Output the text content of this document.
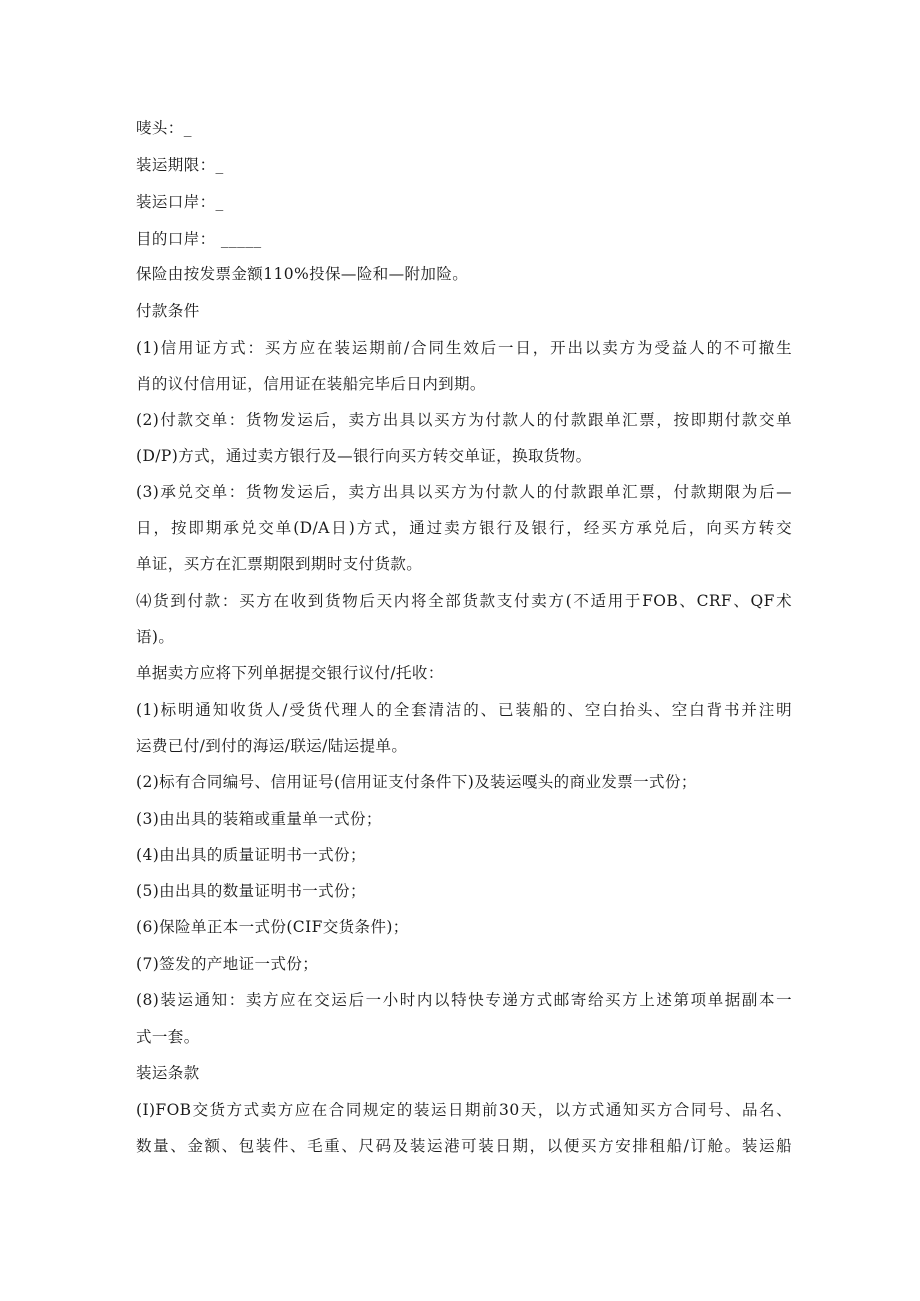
唛头：_
装运期限：_
装运口岸：_
目的口岸： _____
保险由按发票金额110%投保—险和—附加险。
付款条件
(1)信用证方式：买方应在装运期前/合同生效后一日，开出以卖方为受益人的不可撤生
肖的议付信用证，信用证在装船完毕后日内到期。
(2)付款交单：货物发运后，卖方出具以买方为付款人的付款跟单汇票，按即期付款交单
(D/P)方式，通过卖方银行及—银行向买方转交单证，换取货物。
(3)承兑交单：货物发运后，卖方出具以买方为付款人的付款跟单汇票，付款期限为后—
日，按即期承兑交单(D/A日)方式，通过卖方银行及银行，经买方承兑后，向买方转交
单证，买方在汇票期限到期时支付货款。
⑷货到付款：买方在收到货物后天内将全部货款支付卖方(不适用于FOB、CRF、QF术
语)。
单据卖方应将下列单据提交银行议付/托收：
(1)标明通知收货人/受货代理人的全套清洁的、已装船的、空白抬头、空白背书并注明
运费已付/到付的海运/联运/陆运提单。
(2)标有合同编号、信用证号(信用证支付条件下)及装运嘎头的商业发票一式份；
(3)由出具的装箱或重量单一式份；
(4)由出具的质量证明书一式份；
(5)由出具的数量证明书一式份；
(6)保险单正本一式份(CIF交货条件)；
(7)签发的产地证一式份；
(8)装运通知：卖方应在交运后一小时内以特快专递方式邮寄给买方上述第项单据副本一
式一套。
装运条款
(I)FOB交货方式卖方应在合同规定的装运日期前30天，以方式通知买方合同号、品名、
数量、金额、包装件、毛重、尺码及装运港可装日期，以便买方安排租船/订舱。装运船
